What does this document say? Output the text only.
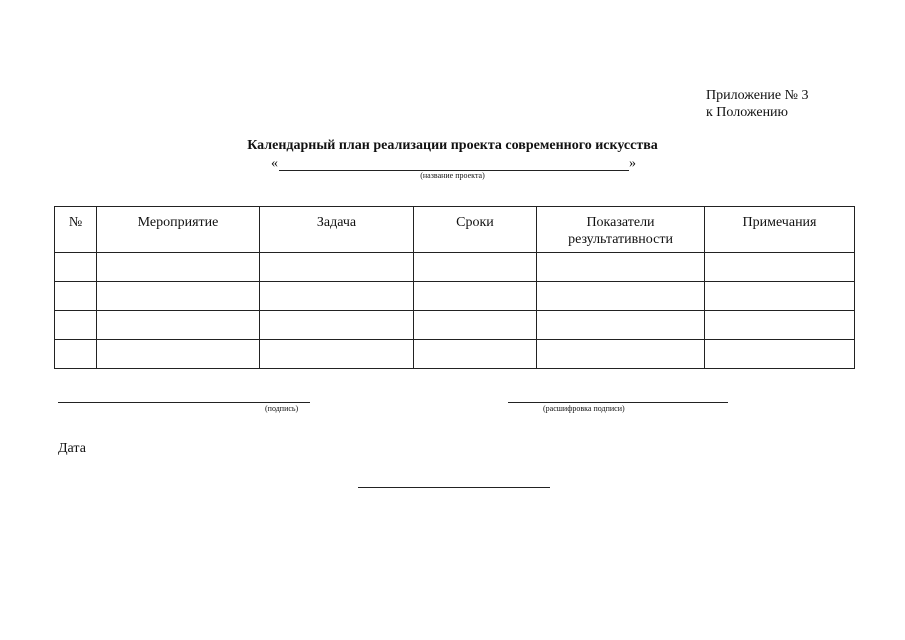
Приложение № 3
к Положению
Календарный план реализации проекта современного искусства
«	»
(название проекта)
№	Мероприятие	Задача	Сроки	Показатели результативности	Примечания

(подпись)	(расшифровка подписи)
Дата
